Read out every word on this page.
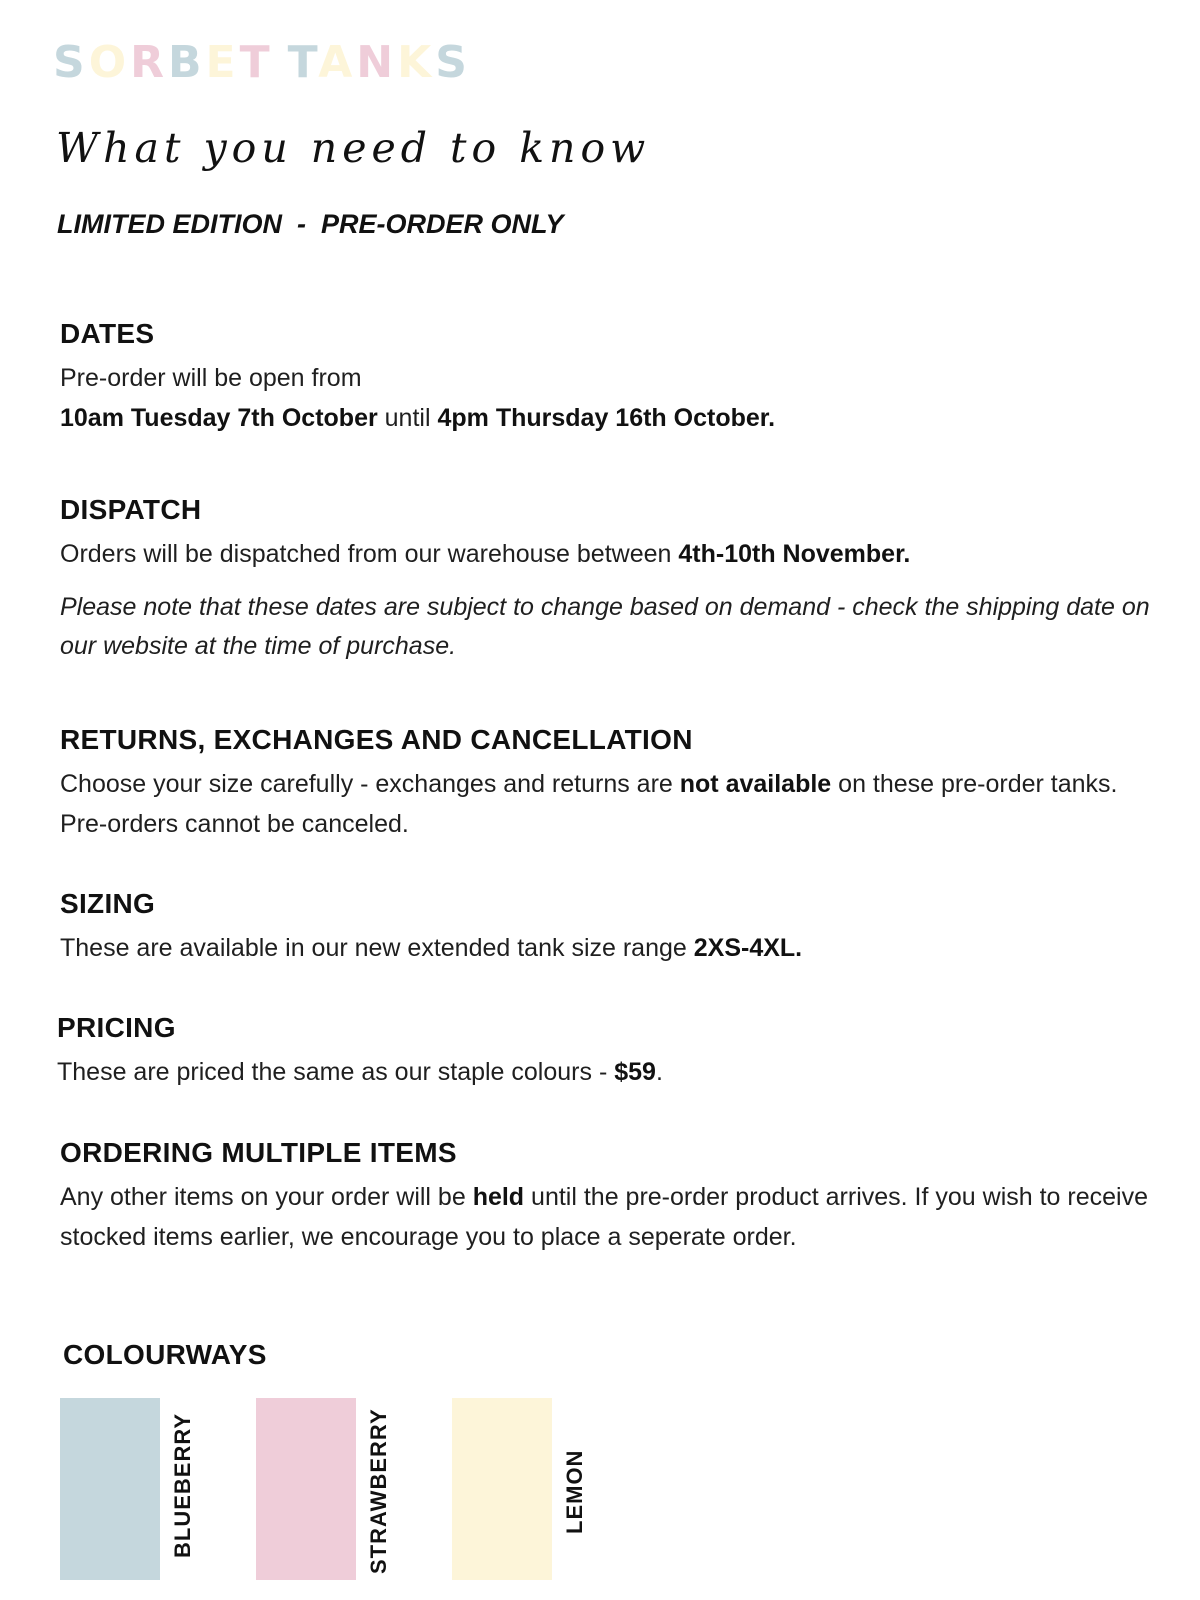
SORBET TANKS
What you need to know
LIMITED EDITION  -  PRE-ORDER ONLY
DATES

Pre-order will be open from
10am Tuesday 7th October until 4pm Thursday 16th October.

DISPATCH

Orders will be dispatched from our warehouse between 4th-10th November.

Please note that these dates are subject to change based on demand - check the shipping date on our website at the time of purchase.

RETURNS, EXCHANGES AND CANCELLATION

Choose your size carefully - exchanges and returns are not available on these pre-order tanks. Pre-orders cannot be canceled.

SIZING

These are available in our new extended tank size range 2XS-4XL.

PRICING

These are priced the same as our staple colours - $59.

ORDERING MULTIPLE ITEMS

Any other items on your order will be held until the pre-order product arrives. If you wish to receive stocked items earlier, we encourage you to place a seperate order.

COLOURWAYS
BLUEBERRY	STRAWBERRY	LEMON
